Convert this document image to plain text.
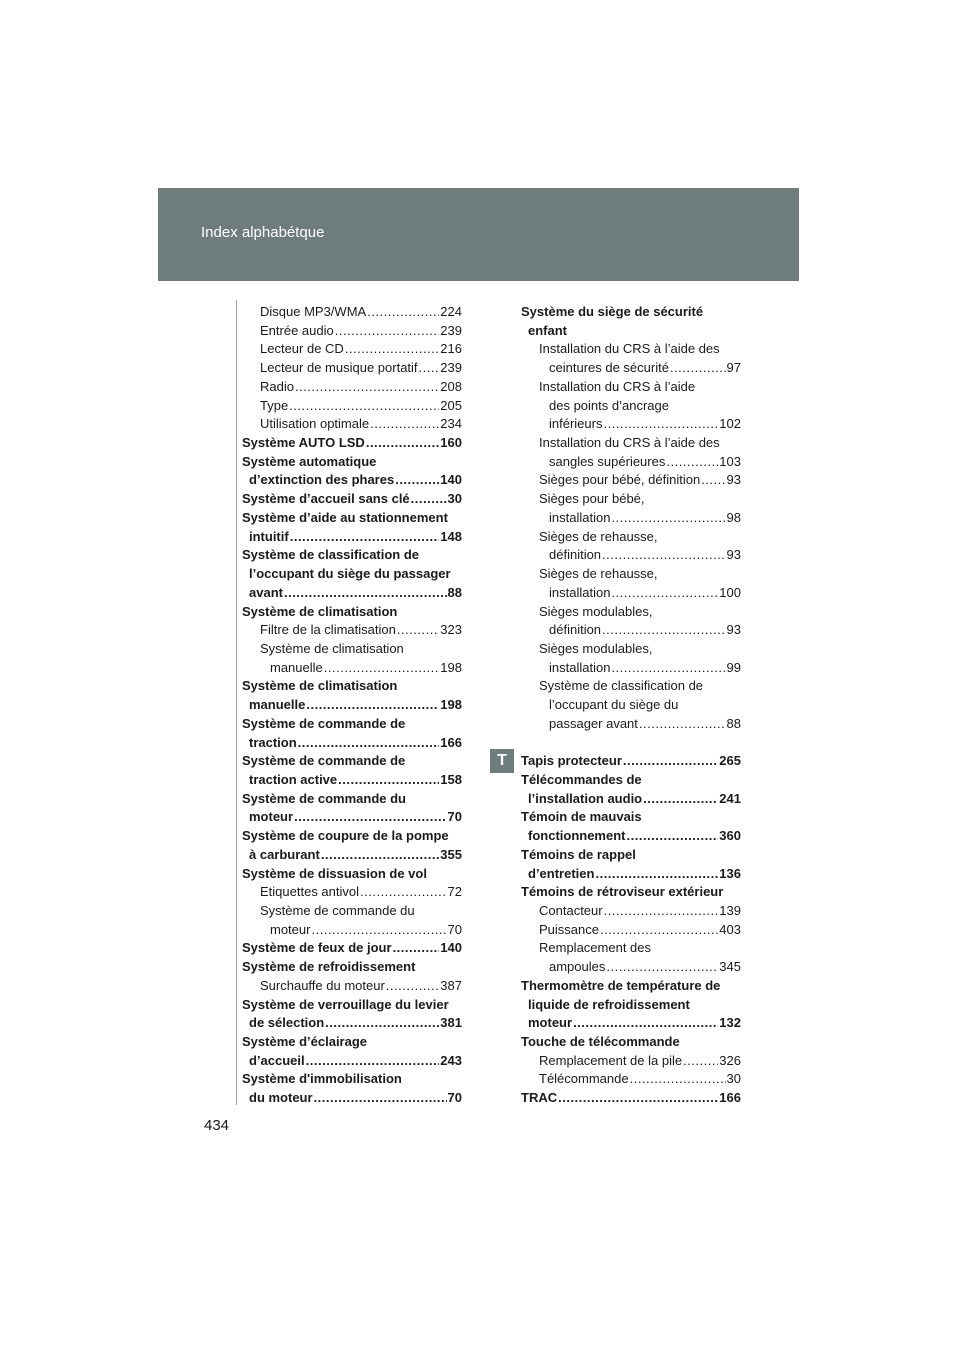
Index alphabétque
Disque MP3/WMA .....	224
Entrée audio .....	239
Lecteur de CD .....	216
Lecteur de musique portatif ..... 239
Radio .....	208
Type .....	205
Utilisation optimale .....	234
Système AUTO LSD .....	160
Système automatique
d’extinction des phares .....	140
Système d’accueil sans clé .....	30
Système d’aide au stationnement
intuitif .....	148
Système de classification de
l’occupant du siège du passager
avant .....	88
Système de climatisation
Filtre de la climatisation .....	323
Système de climatisation
manuelle .....	198
Système de climatisation
manuelle .....	198
Système de commande de
traction .....	166
Système de commande de
traction active .....	158
Système de commande du
moteur .....	70
Système de coupure de la pompe
à carburant .....	355
Système de dissuasion de vol
Etiquettes antivol .....	72
Système de commande du
moteur .....	70
Système de feux de jour .....	140
Système de refroidissement
Surchauffe du moteur .....	387
Système de verrouillage du levier
de sélection .....	381
Système d’éclairage
d’accueil .....	243
Système d'immobilisation
du moteur .....	70
Système du siège de sécurité
enfant
Installation du CRS à l’aide des
ceintures de sécurité .....	97
Installation du CRS à l’aide
des points d’ancrage
inférieurs .....	102
Installation du CRS à l’aide des
sangles supérieures .....	103
Sièges pour bébé, définition ..... 93
Sièges pour bébé,
installation .....	98
Sièges de rehausse,
définition .....	93
Sièges de rehausse,
installation .....	100
Sièges modulables,
définition .....	93
Sièges modulables,
installation .....	99
Système de classification de
l’occupant du siège du
passager avant .....	88
Tapis protecteur .....	265
Télécommandes de
l’installation audio .....	241
Témoin de mauvais
fonctionnement .....	360
Témoins de rappel
d’entretien .....	136
Témoins de rétroviseur extérieur
Contacteur .....	139
Puissance .....	403
Remplacement des
ampoules .....	345
Thermomètre de température de
liquide de refroidissement
moteur .....	132
Touche de télécommande
Remplacement de la pile .....	326
Télécommande .....	30
TRAC .....	166
T
434
